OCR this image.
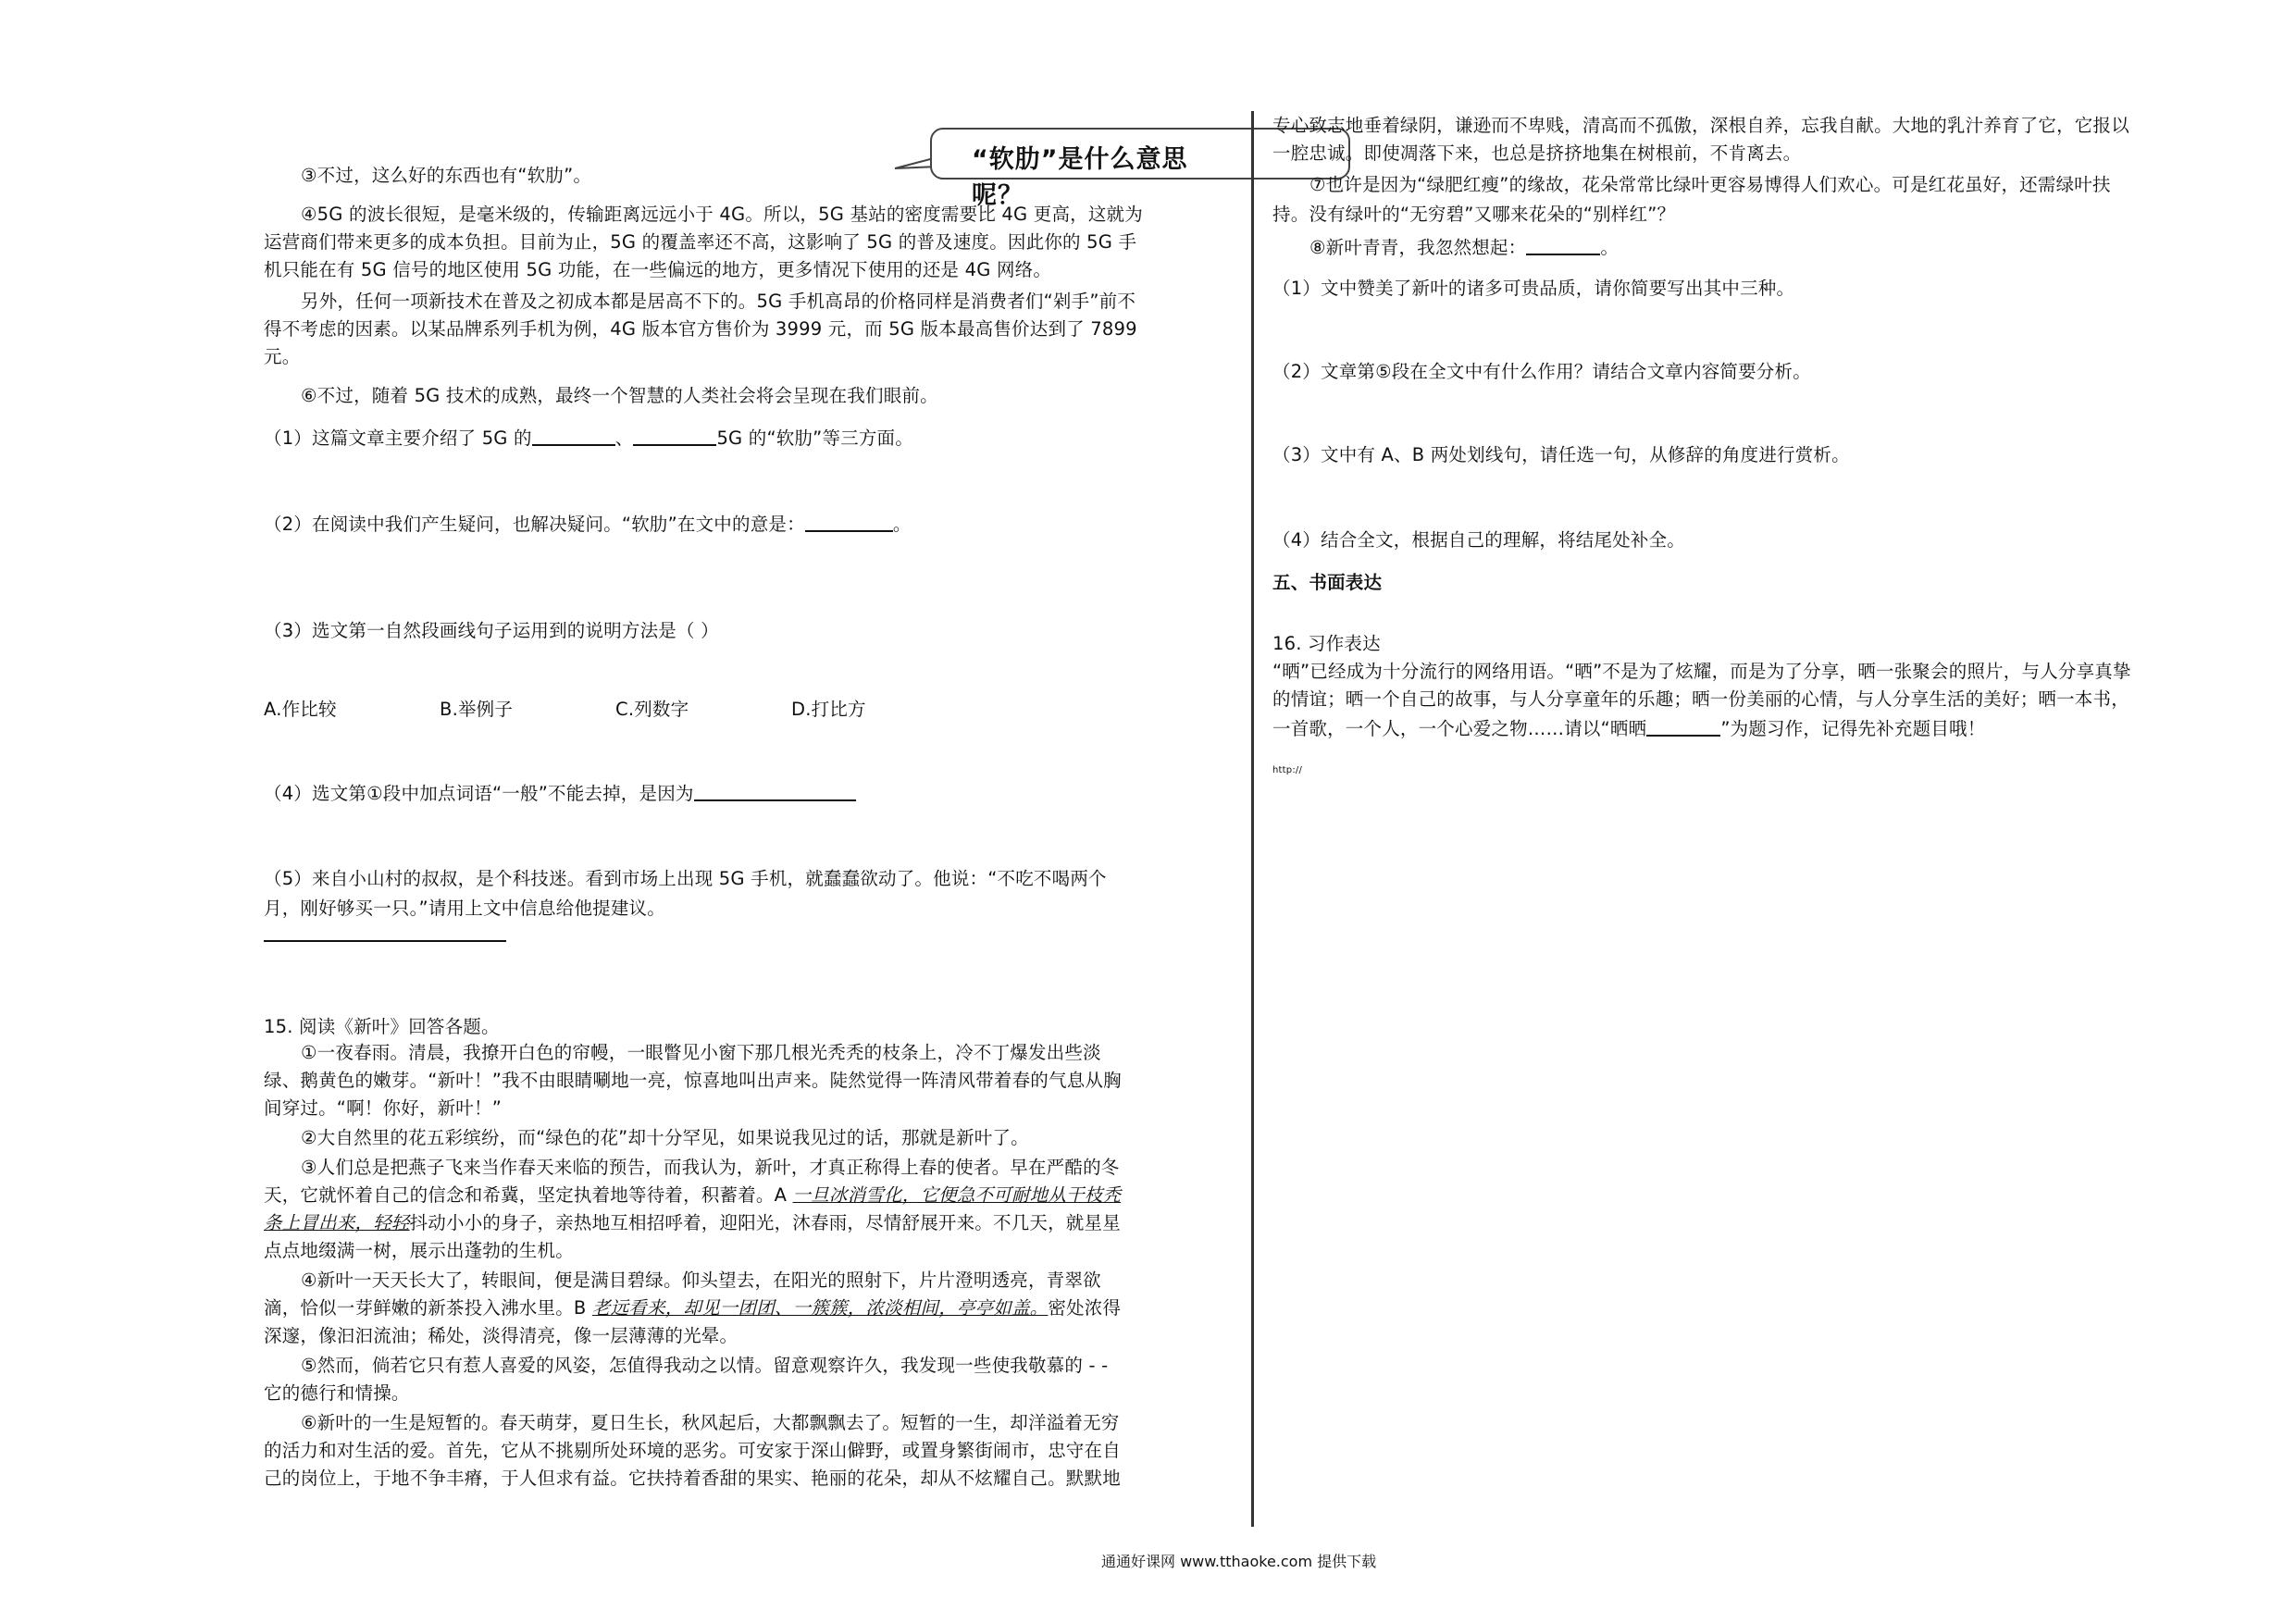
“软肋”是什么意思呢？
③不过，这么好的东西也有“软肋”。
④5G 的波长很短，是毫米级的，传输距离远远小于 4G。所以，5G 基站的密度需要比 4G 更高，这就为
运营商们带来更多的成本负担。目前为止，5G 的覆盖率还不高，这影响了 5G 的普及速度。因此你的 5G 手
机只能在有 5G 信号的地区使用 5G 功能，在一些偏远的地方，更多情况下使用的还是 4G 网络。
另外，任何一项新技术在普及之初成本都是居高不下的。5G 手机高昂的价格同样是消费者们“剁手”前不
得不考虑的因素。以某品牌系列手机为例，4G 版本官方售价为 3999 元，而 5G 版本最高售价达到了 7899
元。
⑥不过，随着 5G 技术的成熟，最终一个智慧的人类社会将会呈现在我们眼前。
（1）这篇文章主要介绍了 5G 的	、	5G 的“软肋”等三方面。
（2）在阅读中我们产生疑问，也解决疑问。“软肋”在文中的意是：	。
（3）选文第一自然段画线句子运用到的说明方法是（ ）
A.作比较	B.举例子	C.列数字	D.打比方
（4）选文第①段中加点词语“一般”不能去掉，是因为
（5）来自小山村的叔叔，是个科技迷。看到市场上出现 5G 手机，就蠢蠢欲动了。他说：“不吃不喝两个
月，刚好够买一只。”请用上文中信息给他提建议。
15. 阅读《新叶》回答各题。
①一夜春雨。清晨，我撩开白色的帘幔，一眼瞥见小窗下那几根光秃秃的枝条上，冷不丁爆发出些淡
绿、鹅黄色的嫩芽。“新叶！”我不由眼睛唰地一亮，惊喜地叫出声来。陡然觉得一阵清风带着春的气息从胸
间穿过。“啊！你好，新叶！”
②大自然里的花五彩缤纷，而“绿色的花”却十分罕见，如果说我见过的话，那就是新叶了。
③人们总是把燕子飞来当作春天来临的预告，而我认为，新叶，才真正称得上春的使者。早在严酷的冬
天，它就怀着自己的信念和希冀，坚定执着地等待着，积蓄着。A 一旦冰消雪化，它便急不可耐地从干枝秃
条上冒出来，轻轻抖动小小的身子，亲热地互相招呼着，迎阳光，沐春雨，尽情舒展开来。不几天，就星星
点点地缀满一树，展示出蓬勃的生机。
④新叶一天天长大了，转眼间，便是满目碧绿。仰头望去，在阳光的照射下，片片澄明透亮，青翠欲
滴，恰似一芽鲜嫩的新茶投入沸水里。B 老远看来，却见一团团、一簇簇，浓淡相间，亭亭如盖。密处浓得
深邃，像汩汩流油；稀处，淡得清亮，像一层薄薄的光晕。
⑤然而，倘若它只有惹人喜爱的风姿，怎值得我动之以情。留意观察许久，我发现一些使我敬慕的 - -
它的德行和情操。
⑥新叶的一生是短暂的。春天萌芽，夏日生长，秋风起后，大都飘飘去了。短暂的一生，却洋溢着无穷
的活力和对生活的爱。首先，它从不挑剔所处环境的恶劣。可安家于深山僻野，或置身繁街闹市，忠守在自
己的岗位上，于地不争丰瘠，于人但求有益。它扶持着香甜的果实、艳丽的花朵，却从不炫耀自己。默默地
专心致志地垂着绿阴，谦逊而不卑贱，清高而不孤傲，深根自养，忘我自献。大地的乳汁养育了它，它报以
一腔忠诚。即使凋落下来，也总是挤挤地集在树根前，不肯离去。
⑦也许是因为“绿肥红瘦”的缘故，花朵常常比绿叶更容易博得人们欢心。可是红花虽好，还需绿叶扶
持。没有绿叶的“无穷碧”又哪来花朵的“别样红”？
⑧新叶青青，我忽然想起：	。
（1）文中赞美了新叶的诸多可贵品质，请你简要写出其中三种。
（2）文章第⑤段在全文中有什么作用？请结合文章内容简要分析。
（3）文中有 A、B 两处划线句，请任选一句，从修辞的角度进行赏析。
（4）结合全文，根据自己的理解，将结尾处补全。
五、书面表达
16. 习作表达
“晒”已经成为十分流行的网络用语。“晒”不是为了炫耀，而是为了分享，晒一张聚会的照片，与人分享真挚
的情谊；晒一个自己的故事，与人分享童年的乐趣；晒一份美丽的心情，与人分享生活的美好；晒一本书，
一首歌，一个人，一个心爱之物……请以“晒晒	”为题习作，记得先补充题目哦！
http://
通通好课网 www.tthaoke.com 提供下载
